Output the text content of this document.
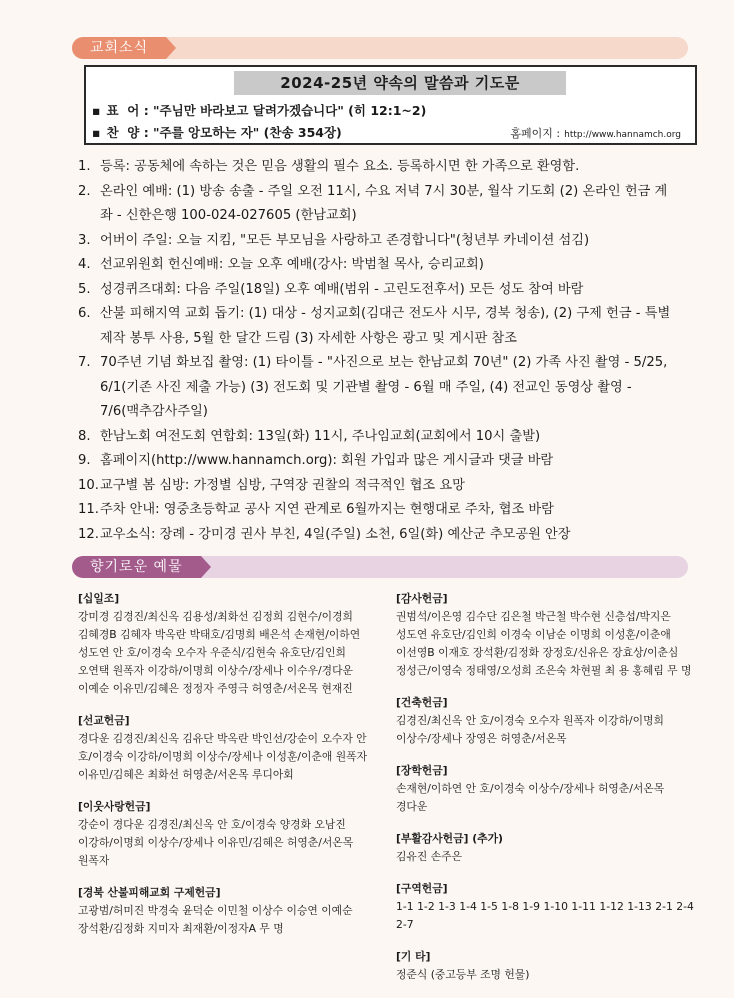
교회소식
2024-25년 약속의 말씀과 기도문
▪ 표  어 : "주님만 바라보고 달려가겠습니다" (히 12:1~2)
▪ 찬  양 : "주를 앙모하는 자" (찬송 354장)	홈페이지 : http://www.hannamch.org
1. 등록: 공동체에 속하는 것은 믿음 생활의 필수 요소. 등록하시면 한 가족으로 환영함.
2. 온라인 예배: (1) 방송 송출 - 주일 오전 11시, 수요 저녁 7시 30분, 월삭 기도회 (2) 온라인 헌금 계좌 - 신한은행 100-024-027605 (한남교회)
3. 어버이 주일: 오늘 지킴, "모든 부모님을 사랑하고 존경합니다"(청년부 카네이션 섬김)
4. 선교위원회 헌신예배: 오늘 오후 예배(강사: 박범철 목사, 승리교회)
5. 성경퀴즈대회: 다음 주일(18일) 오후 예배(범위 - 고린도전후서) 모든 성도 참여 바람
6. 산불 피해지역 교회 돕기: (1) 대상 - 성지교회(김대근 전도사 시무, 경북 청송), (2) 구제 헌금 - 특별 제작 봉투 사용, 5월 한 달간 드림 (3) 자세한 사항은 광고 및 게시판 참조
7. 70주년 기념 화보집 촬영: (1) 타이틀 - "사진으로 보는 한남교회 70년" (2) 가족 사진 촬영 - 5/25, 6/1(기존 사진 제출 가능) (3) 전도회 및 기관별 촬영 - 6월 매 주일, (4) 전교인 동영상 촬영 - 7/6(맥추감사주일)
8. 한남노회 여전도회 연합회: 13일(화) 11시, 주나임교회(교회에서 10시 출발)
9. 홈페이지(http://www.hannamch.org): 회원 가입과 많은 게시글과 댓글 바람
10. 교구별 봄 심방: 가정별 심방, 구역장 권찰의 적극적인 협조 요망
11. 주차 안내: 영중초등학교 공사 지연 관계로 6월까지는 현행대로 주차, 협조 바람
12. 교우소식: 장례 - 강미경 권사 부친, 4일(주일) 소천, 6일(화) 예산군 추모공원 안장
향기로운 예물
[십일조]
강미경 김경진/최신옥 김용성/최화선 김정희 김현수/이경희 김혜경B 김혜자 박옥란 박태호/김명희 배은석 손재현/이하연 성도연 안 호/이경숙 오수자 우준식/김현숙 유호단/김인희 오연택 원폭자 이강하/이명희 이상수/장세나 이수우/경다운 이예순 이유민/김혜은 정정자 주영극 허영춘/서온목 현재진
[선교헌금]
경다운 김경진/최신옥 김유단 박옥란 박인선/강순이 오수자 안 호/이경숙 이강하/이명희 이상수/장세나 이성훈/이춘애 원폭자 이유민/김혜은 최화선 허영춘/서온목 루디아회
[이웃사랑헌금]
강순이 경다운 김경진/최신옥 안 호/이경숙 양경화 오남진 이강하/이명희 이상수/장세나 이유민/김혜은 허영춘/서온목 원폭자
[경북 산불피해교회 구제헌금]
고광범/허미진 박경숙 윤덕순 이민철 이상수 이승연 이예순 장석환/김정화 지미자 최재환/이정자A 무 명
[감사헌금]
권범석/이은영 김수단 김은철 박근철 박수현 신층섭/박지은 성도연 유호단/김인희 이경숙 이남순 이명희 이성훈/이춘애 이선영B 이재호 장석환/김정화 장정호/신유은 장효상/이춘심 정성근/이영숙 정태영/오성희 조은숙 차현필 최 용 홍혜림 무 명
[건축헌금]
김경진/최신옥 안 호/이경숙 오수자 원폭자 이강하/이명희 이상수/장세나 장영은 허영춘/서온목
[장학헌금]
손재현/이하연 안 호/이경숙 이상수/장세나 허영춘/서온목 경다운
[부활감사헌금] (추가)
김유진 손주은
[구역헌금]
1-1 1-2 1-3 1-4 1-5 1-8 1-9 1-10 1-11 1-12 1-13 2-1 2-4 2-7
[기 타]
정준식 (중고등부 조명 헌물)
